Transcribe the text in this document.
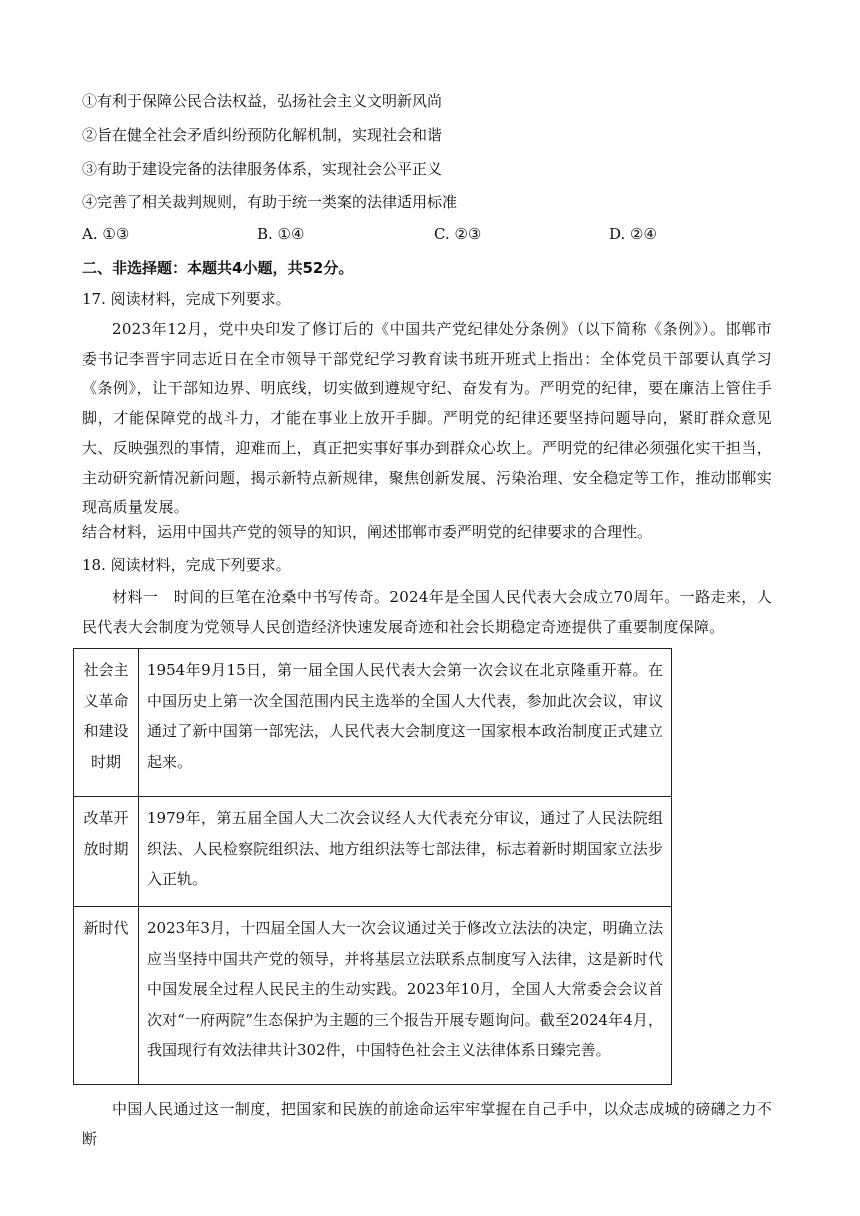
①有利于保障公民合法权益，弘扬社会主义文明新风尚
②旨在健全社会矛盾纠纷预防化解机制，实现社会和谐
③有助于建设完备的法律服务体系，实现社会公平正义
④完善了相关裁判规则，有助于统一类案的法律适用标准
A. ①③	B. ①④	C. ②③	D. ②④
二、非选择题：本题共4小题，共52分。
17. 阅读材料，完成下列要求。
2023年12月，党中央印发了修订后的《中国共产党纪律处分条例》（以下简称《条例》）。邯郸市委书记李晋宇同志近日在全市领导干部党纪学习教育读书班开班式上指出：全体党员干部要认真学习《条例》，让干部知边界、明底线，切实做到遵规守纪、奋发有为。严明党的纪律，要在廉洁上管住手脚，才能保障党的战斗力，才能在事业上放开手脚。严明党的纪律还要坚持问题导向，紧盯群众意见大、反映强烈的事情，迎难而上，真正把实事好事办到群众心坎上。严明党的纪律必须强化实干担当，主动研究新情况新问题，揭示新特点新规律，聚焦创新发展、污染治理、安全稳定等工作，推动邯郸实现高质量发展。
结合材料，运用中国共产党的领导的知识，阐述邯郸市委严明党的纪律要求的合理性。
18. 阅读材料，完成下列要求。
材料一　时间的巨笔在沧桑中书写传奇。2024年是全国人民代表大会成立70周年。一路走来，人民代表大会制度为党领导人民创造经济快速发展奇迹和社会长期稳定奇迹提供了重要制度保障。
社会主义革命和建设时期	1954年9月15日，第一届全国人民代表大会第一次会议在北京隆重开幕。在中国历史上第一次全国范围内民主选举的全国人大代表，参加此次会议，审议通过了新中国第一部宪法，人民代表大会制度这一国家根本政治制度正式建立起来。
改革开放时期	1979年，第五届全国人大二次会议经人大代表充分审议，通过了人民法院组织法、人民检察院组织法、地方组织法等七部法律，标志着新时期国家立法步入正轨。
新时代	2023年3月，十四届全国人大一次会议通过关于修改立法法的决定，明确立法应当坚持中国共产党的领导，并将基层立法联系点制度写入法律，这是新时代中国发展全过程人民民主的生动实践。2023年10月，全国人大常委会会议首次对“一府两院”生态保护为主题的三个报告开展专题询问。截至2024年4月，我国现行有效法律共计302件，中国特色社会主义法律体系日臻完善。
中国人民通过这一制度，把国家和民族的前途命运牢牢掌握在自己手中，以众志成城的磅礴之力不断
